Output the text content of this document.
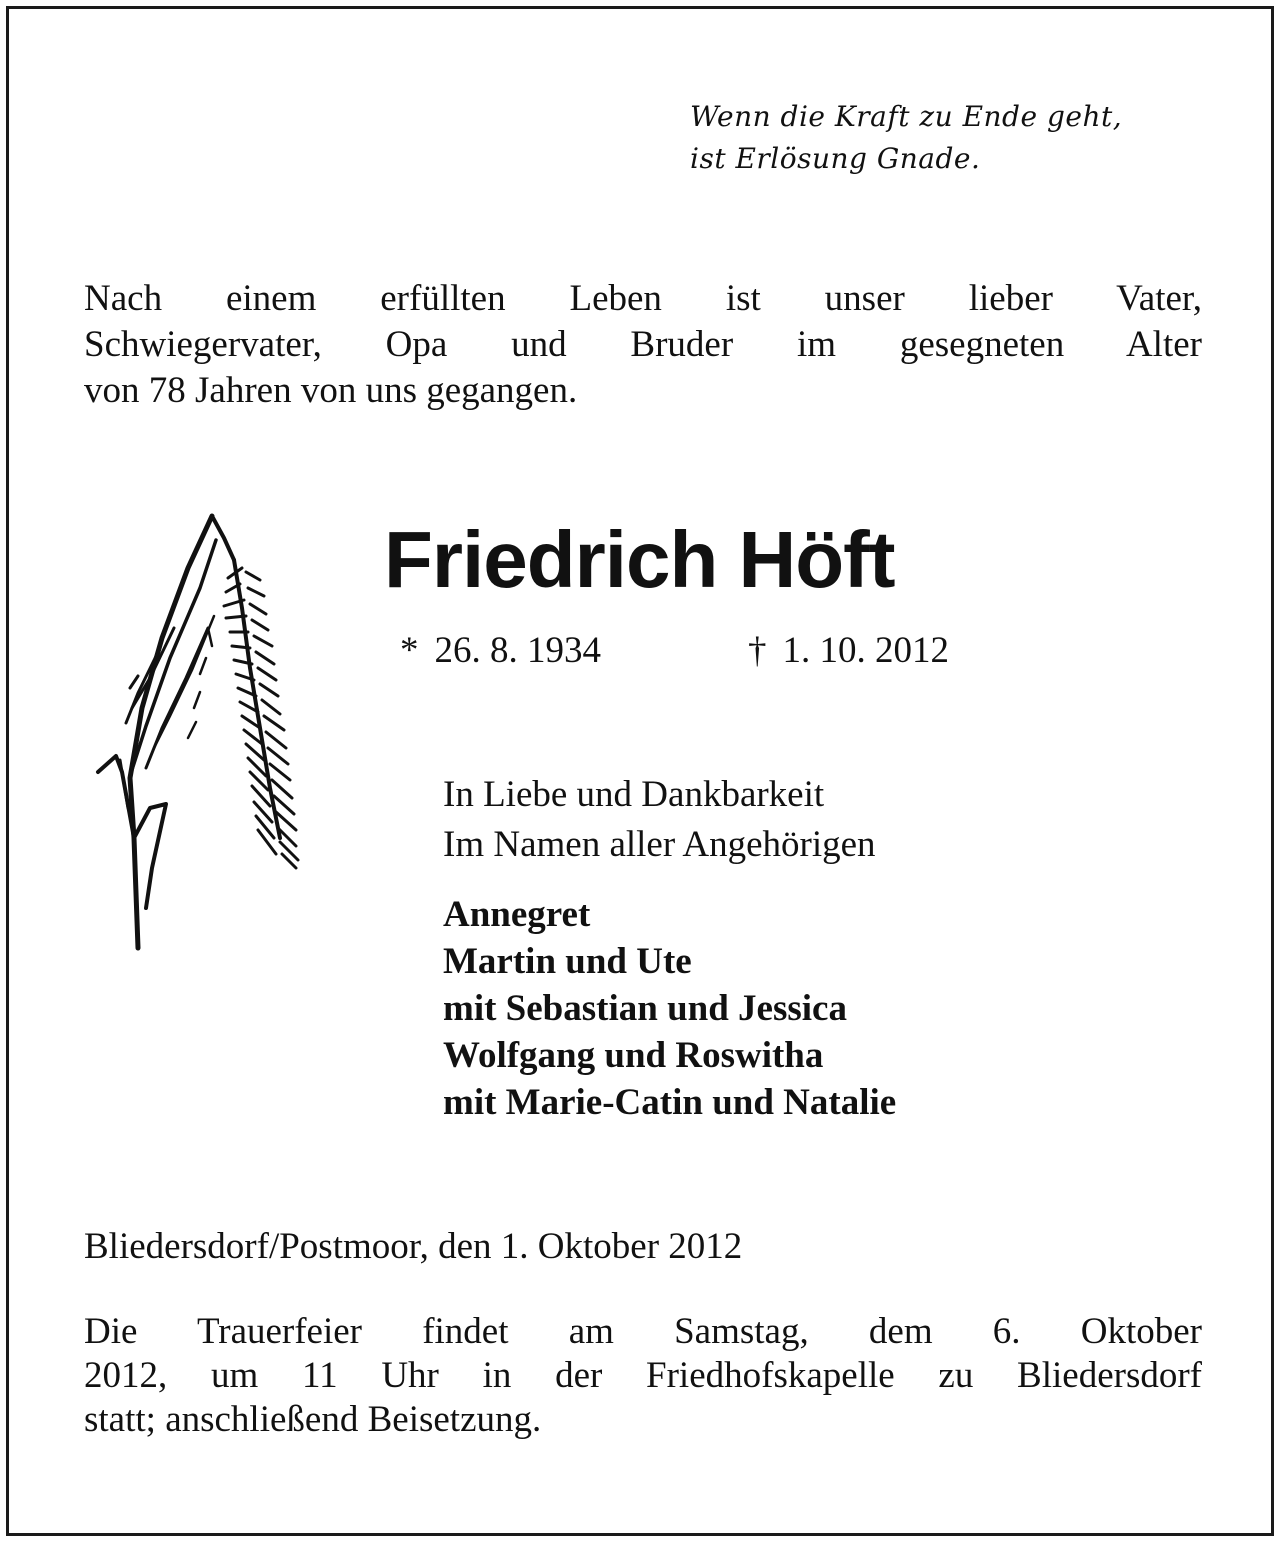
Wenn die Kraft zu Ende geht,
ist Erlösung Gnade.
Nach einem erfüllten Leben ist unser lieber Vater,
Schwiegervater, Opa und Bruder im gesegneten Alter
von 78 Jahren von uns gegangen.
Friedrich Höft
* 26. 8. 1934	† 1. 10. 2012
In Liebe und Dankbarkeit
Im Namen aller Angehörigen
Annegret
Martin und Ute
mit Sebastian und Jessica
Wolfgang und Roswitha
mit Marie-Catin und Natalie
Bliedersdorf/Postmoor, den 1. Oktober 2012
Die Trauerfeier findet am Samstag, dem 6. Oktober
2012, um 11 Uhr in der Friedhofskapelle zu Bliedersdorf
statt; anschließend Beisetzung.
